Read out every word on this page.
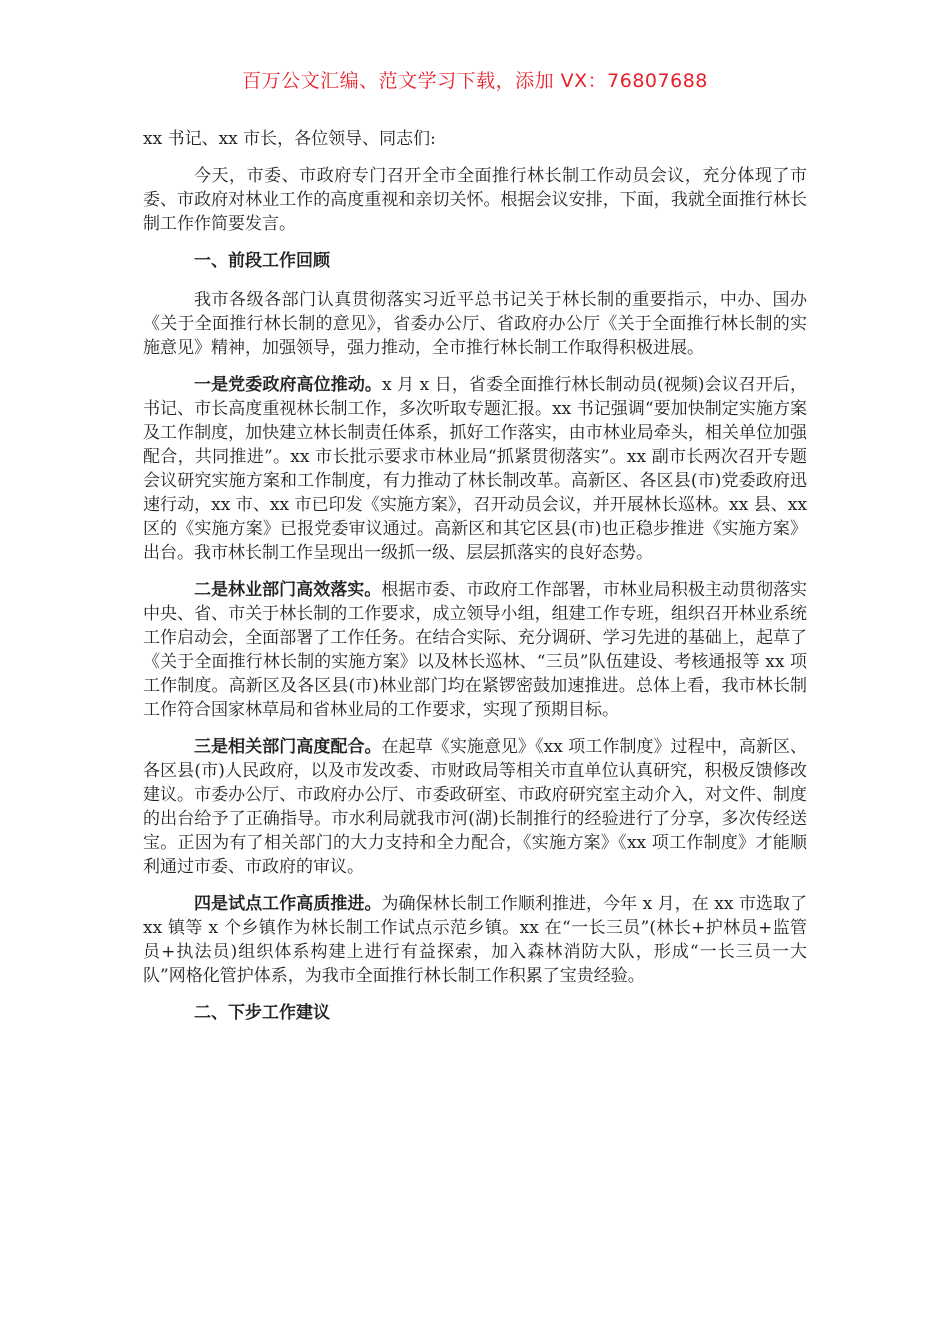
百万公文汇编、范文学习下载，添加 VX：76807688

xx 书记、xx 市长，各位领导、同志们:

今天，市委、市政府专门召开全市全面推行林长制工作动员会议，充分体现了市委、市政府对林业工作的高度重视和亲切关怀。根据会议安排，下面，我就全面推行林长制工作作简要发言。

一、前段工作回顾

我市各级各部门认真贯彻落实习近平总书记关于林长制的重要指示，中办、国办《关于全面推行林长制的意见》，省委办公厅、省政府办公厅《关于全面推行林长制的实施意见》精神，加强领导，强力推动，全市推行林长制工作取得积极进展。

一是党委政府高位推动。x 月 x 日，省委全面推行林长制动员(视频)会议召开后，书记、市长高度重视林长制工作，多次听取专题汇报。xx 书记强调“要加快制定实施方案及工作制度，加快建立林长制责任体系，抓好工作落实，由市林业局牵头，相关单位加强配合，共同推进”。xx 市长批示要求市林业局“抓紧贯彻落实”。xx 副市长两次召开专题会议研究实施方案和工作制度，有力推动了林长制改革。高新区、各区县(市)党委政府迅速行动，xx 市、xx 市已印发《实施方案》，召开动员会议，并开展林长巡林。xx 县、xx 区的《实施方案》已报党委审议通过。高新区和其它区县(市)也正稳步推进《实施方案》出台。我市林长制工作呈现出一级抓一级、层层抓落实的良好态势。

二是林业部门高效落实。根据市委、市政府工作部署，市林业局积极主动贯彻落实中央、省、市关于林长制的工作要求，成立领导小组，组建工作专班，组织召开林业系统工作启动会，全面部署了工作任务。在结合实际、充分调研、学习先进的基础上，起草了《关于全面推行林长制的实施方案》以及林长巡林、“三员”队伍建设、考核通报等 xx 项工作制度。高新区及各区县(市)林业部门均在紧锣密鼓加速推进。总体上看，我市林长制工作符合国家林草局和省林业局的工作要求，实现了预期目标。

三是相关部门高度配合。在起草《实施意见》《xx 项工作制度》过程中，高新区、各区县(市)人民政府，以及市发改委、市财政局等相关市直单位认真研究，积极反馈修改建议。市委办公厅、市政府办公厅、市委政研室、市政府研究室主动介入，对文件、制度的出台给予了正确指导。市水利局就我市河(湖)长制推行的经验进行了分享，多次传经送宝。正因为有了相关部门的大力支持和全力配合，《实施方案》《xx 项工作制度》才能顺利通过市委、市政府的审议。

四是试点工作高质推进。为确保林长制工作顺利推进，今年 x 月，在 xx 市选取了 xx 镇等 x 个乡镇作为林长制工作试点示范乡镇。xx 在“一长三员”(林长+护林员+监管员+执法员)组织体系构建上进行有益探索，加入森林消防大队，形成“一长三员一大队”网格化管护体系，为我市全面推行林长制工作积累了宝贵经验。

二、下步工作建议
